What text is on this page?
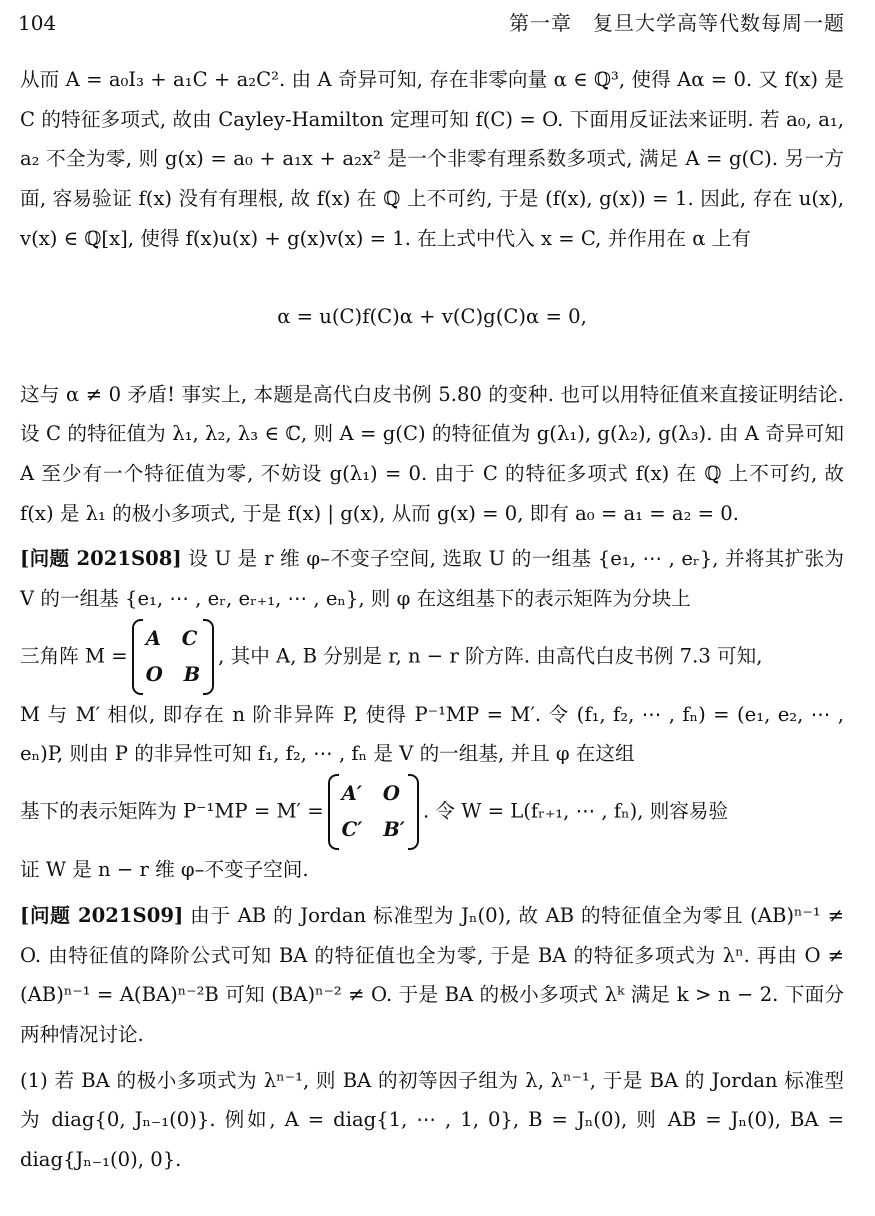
104	第一章　复旦大学高等代数每周一题

从而 A = a₀I₃ + a₁C + a₂C². 由 A 奇异可知, 存在非零向量 α ∈ ℚ³, 使得 Aα = 0. 又 f(x) 是 C 的特征多项式, 故由 Cayley-Hamilton 定理可知 f(C) = O. 下面用反证法来证明. 若 a₀, a₁, a₂ 不全为零, 则 g(x) = a₀ + a₁x + a₂x² 是一个非零有理系数多项式, 满足 A = g(C). 另一方面, 容易验证 f(x) 没有有理根, 故 f(x) 在 ℚ 上不可约, 于是 (f(x), g(x)) = 1. 因此, 存在 u(x), v(x) ∈ ℚ[x], 使得 f(x)u(x) + g(x)v(x) = 1. 在上式中代入 x = C, 并作用在 α 上有

α = u(C)f(C)α + v(C)g(C)α = 0,

这与 α ≠ 0 矛盾! 事实上, 本题是高代白皮书例 5.80 的变种. 也可以用特征值来直接证明结论. 设 C 的特征值为 λ₁, λ₂, λ₃ ∈ ℂ, 则 A = g(C) 的特征值为 g(λ₁), g(λ₂), g(λ₃). 由 A 奇异可知 A 至少有一个特征值为零, 不妨设 g(λ₁) = 0. 由于 C 的特征多项式 f(x) 在 ℚ 上不可约, 故 f(x) 是 λ₁ 的极小多项式, 于是 f(x) | g(x), 从而 g(x) = 0, 即有 a₀ = a₁ = a₂ = 0.

[问题 2021S08] 设 U 是 r 维 φ–不变子空间, 选取 U 的一组基 {e₁, ⋯ , eᵣ}, 并将其扩张为 V 的一组基 {e₁, ⋯ , eᵣ, eᵣ₊₁, ⋯ , eₙ}, 则 φ 在这组基下的表示矩阵为分块上

三角阵 M =
A C
O B
, 其中 A, B 分别是 r, n − r 阶方阵. 由高代白皮书例 7.3 可知,

M 与 M′ 相似, 即存在 n 阶非异阵 P, 使得 P⁻¹MP = M′. 令 (f₁, f₂, ⋯ , fₙ) = (e₁, e₂, ⋯ , eₙ)P, 则由 P 的非异性可知 f₁, f₂, ⋯ , fₙ 是 V 的一组基, 并且 φ 在这组

基下的表示矩阵为 P⁻¹MP = M′ =
A′ O
C′ B′
. 令 W = L(fᵣ₊₁, ⋯ , fₙ), 则容易验

证 W 是 n − r 维 φ–不变子空间.

[问题 2021S09] 由于 AB 的 Jordan 标准型为 Jₙ(0), 故 AB 的特征值全为零且 (AB)ⁿ⁻¹ ≠ O. 由特征值的降阶公式可知 BA 的特征值也全为零, 于是 BA 的特征多项式为 λⁿ. 再由 O ≠ (AB)ⁿ⁻¹ = A(BA)ⁿ⁻²B 可知 (BA)ⁿ⁻² ≠ O. 于是 BA 的极小多项式 λᵏ 满足 k > n − 2. 下面分两种情况讨论.

(1) 若 BA 的极小多项式为 λⁿ⁻¹, 则 BA 的初等因子组为 λ, λⁿ⁻¹, 于是 BA 的 Jordan 标准型为 diag{0, Jₙ₋₁(0)}. 例如, A = diag{1, ⋯ , 1, 0}, B = Jₙ(0), 则 AB = Jₙ(0), BA = diag{Jₙ₋₁(0), 0}.
